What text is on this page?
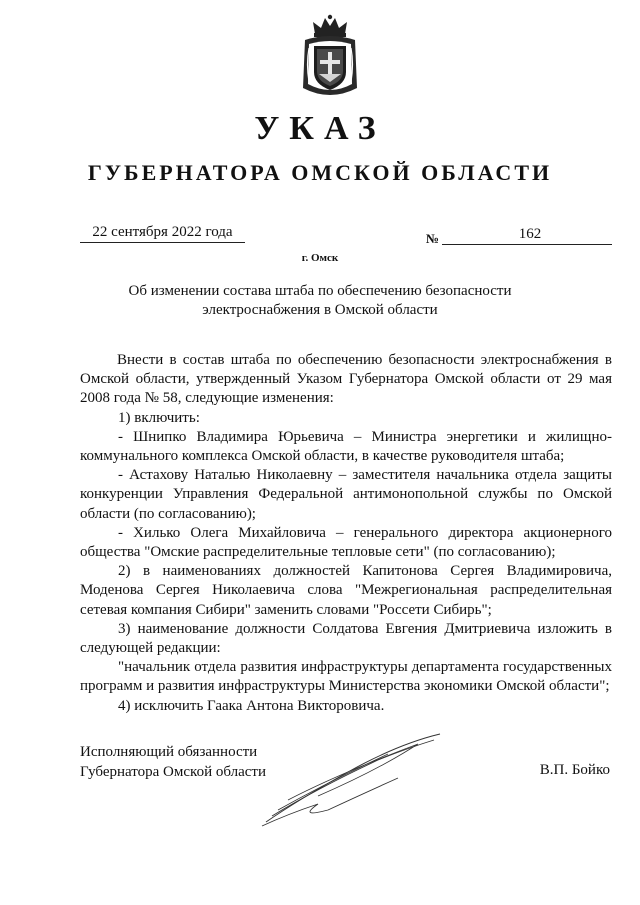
УКАЗ
ГУБЕРНАТОРА ОМСКОЙ ОБЛАСТИ
22 сентября 2022 года	№	162
г. Омск
Об изменении состава штаба по обеспечению безопасности
электроснабжения в Омской области

Внести в состав штаба по обеспечению безопасности электроснабжения в Омской области, утвержденный Указом Губернатора Омской области от 29 мая 2008 года № 58, следующие изменения:

1) включить:

- Шнипко Владимира Юрьевича – Министра энергетики и жилищно-коммунального комплекса Омской области, в качестве руководителя штаба;

- Астахову Наталью Николаевну – заместителя начальника отдела защиты конкуренции Управления Федеральной антимонопольной службы по Омской области (по согласованию);

- Хилько Олега Михайловича – генерального директора акционерного общества "Омские распределительные тепловые сети" (по согласованию);

2) в наименованиях должностей Капитонова Сергея Владимировича, Моденова Сергея Николаевича слова "Межрегиональная распределительная сетевая компания Сибири" заменить словами "Россети Сибирь";

3) наименование должности Солдатова Евгения Дмитриевича изложить в следующей редакции:

"начальник отдела развития инфраструктуры департамента государственных программ и развития инфраструктуры Министерства экономики Омской области";

4) исключить Гаака Антона Викторовича.

Исполняющий обязанности
Губернатора Омской области	В.П. Бойко
